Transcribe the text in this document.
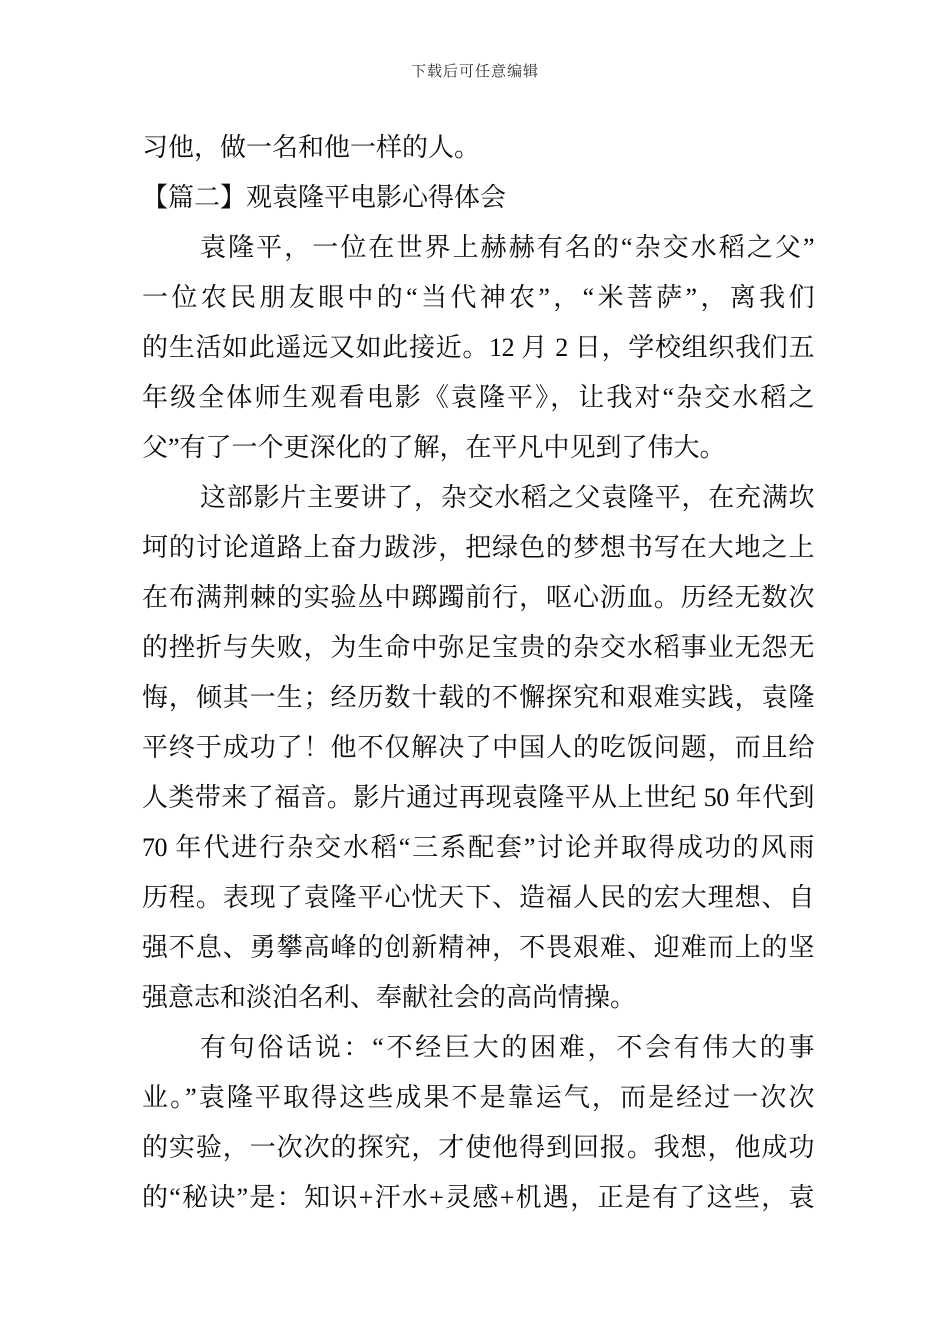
下载后可任意编辑
习他，做一名和他一样的人。
【篇二】观袁隆平电影心得体会
袁隆平，一位在世界上赫赫有名的“杂交水稻之父”
一位农民朋友眼中的“当代神农”，“米菩萨”，离我们
的生活如此遥远又如此接近。12 月 2 日，学校组织我们五
年级全体师生观看电影《袁隆平》，让我对“杂交水稻之
父”有了一个更深化的了解，在平凡中见到了伟大。
这部影片主要讲了，杂交水稻之父袁隆平，在充满坎
坷的讨论道路上奋力跋涉，把绿色的梦想书写在大地之上
在布满荆棘的实验丛中踯躅前行，呕心沥血。历经无数次
的挫折与失败，为生命中弥足宝贵的杂交水稻事业无怨无
悔，倾其一生；经历数十载的不懈探究和艰难实践，袁隆
平终于成功了！他不仅解决了中国人的吃饭问题，而且给
人类带来了福音。影片通过再现袁隆平从上世纪 50 年代到
70 年代进行杂交水稻“三系配套”讨论并取得成功的风雨
历程。表现了袁隆平心忧天下、造福人民的宏大理想、自
强不息、勇攀高峰的创新精神，不畏艰难、迎难而上的坚
强意志和淡泊名利、奉献社会的高尚情操。
有句俗话说：“不经巨大的困难，不会有伟大的事
业。”袁隆平取得这些成果不是靠运气，而是经过一次次
的实验，一次次的探究，才使他得到回报。我想，他成功
的“秘诀”是：知识+汗水+灵感+机遇，正是有了这些，袁
